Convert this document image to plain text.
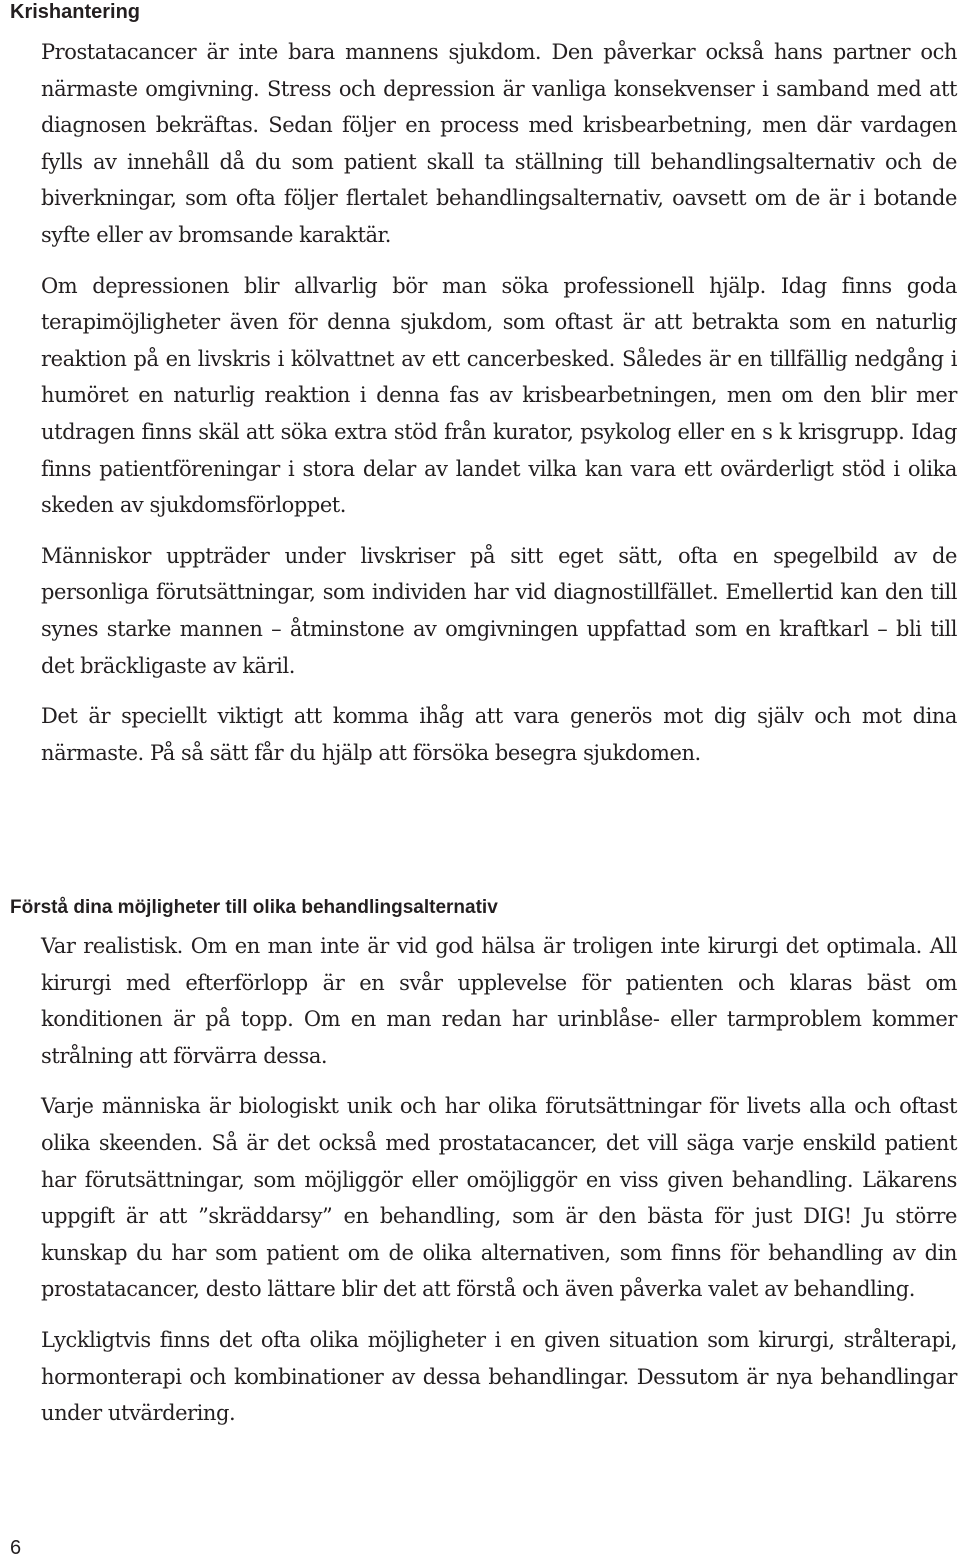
Krishantering

Prostatacancer är inte bara mannens sjukdom. Den påverkar också hans partner och närmaste omgivning. Stress och depression är vanliga konsekvenser i samband med att diagnosen bekräftas. Sedan följer en process med krisbearbetning, men där vardagen fylls av innehåll då du som patient skall ta ställning till behandlingsalternativ och de biverkningar, som ofta följer flertalet behandlingsalternativ, oavsett om de är i botande syfte eller av bromsande karaktär.

Om depressionen blir allvarlig bör man söka professionell hjälp. Idag finns goda terapimöjligheter även för denna sjukdom, som oftast är att betrakta som en naturlig reaktion på en livskris i kölvattnet av ett cancerbesked. Således är en tillfällig nedgång i humöret en naturlig reaktion i denna fas av krisbearbetningen, men om den blir mer utdragen finns skäl att söka extra stöd från kurator, psykolog eller en s k krisgrupp. Idag finns patientföreningar i stora delar av landet vilka kan vara ett ovärderligt stöd i olika skeden av sjukdomsförloppet.

Människor uppträder under livskriser på sitt eget sätt, ofta en spegelbild av de personliga förutsättningar, som individen har vid diagnostillfället. Emellertid kan den till synes starke mannen – åtminstone av omgivningen uppfattad som en kraftkarl – bli till det bräckligaste av käril.

Det är speciellt viktigt att komma ihåg att vara generös mot dig själv och mot dina närmaste. På så sätt får du hjälp att försöka besegra sjukdomen.

Förstå dina möjligheter till olika behandlingsalternativ

Var realistisk. Om en man inte är vid god hälsa är troligen inte kirurgi det optimala. All kirurgi med efterförlopp är en svår upplevelse för patienten och klaras bäst om konditionen är på topp. Om en man redan har urinblåse- eller tarmproblem kommer strålning att förvärra dessa.

Varje människa är biologiskt unik och har olika förutsättningar för livets alla och oftast olika skeenden. Så är det också med prostatacancer, det vill säga varje enskild patient har förutsättningar, som möjliggör eller omöjliggör en viss given behandling. Läkarens uppgift är att ”skräddarsy” en behandling, som är den bästa för just DIG! Ju större kunskap du har som patient om de olika alternativen, som finns för behandling av din prostatacancer, desto lättare blir det att förstå och även påverka valet av behandling.

Lyckligtvis finns det ofta olika möjligheter i en given situation som kirurgi, strålterapi, hormonterapi och kombinationer av dessa behandlingar. Dessutom är nya behandlingar under utvärdering.

6
